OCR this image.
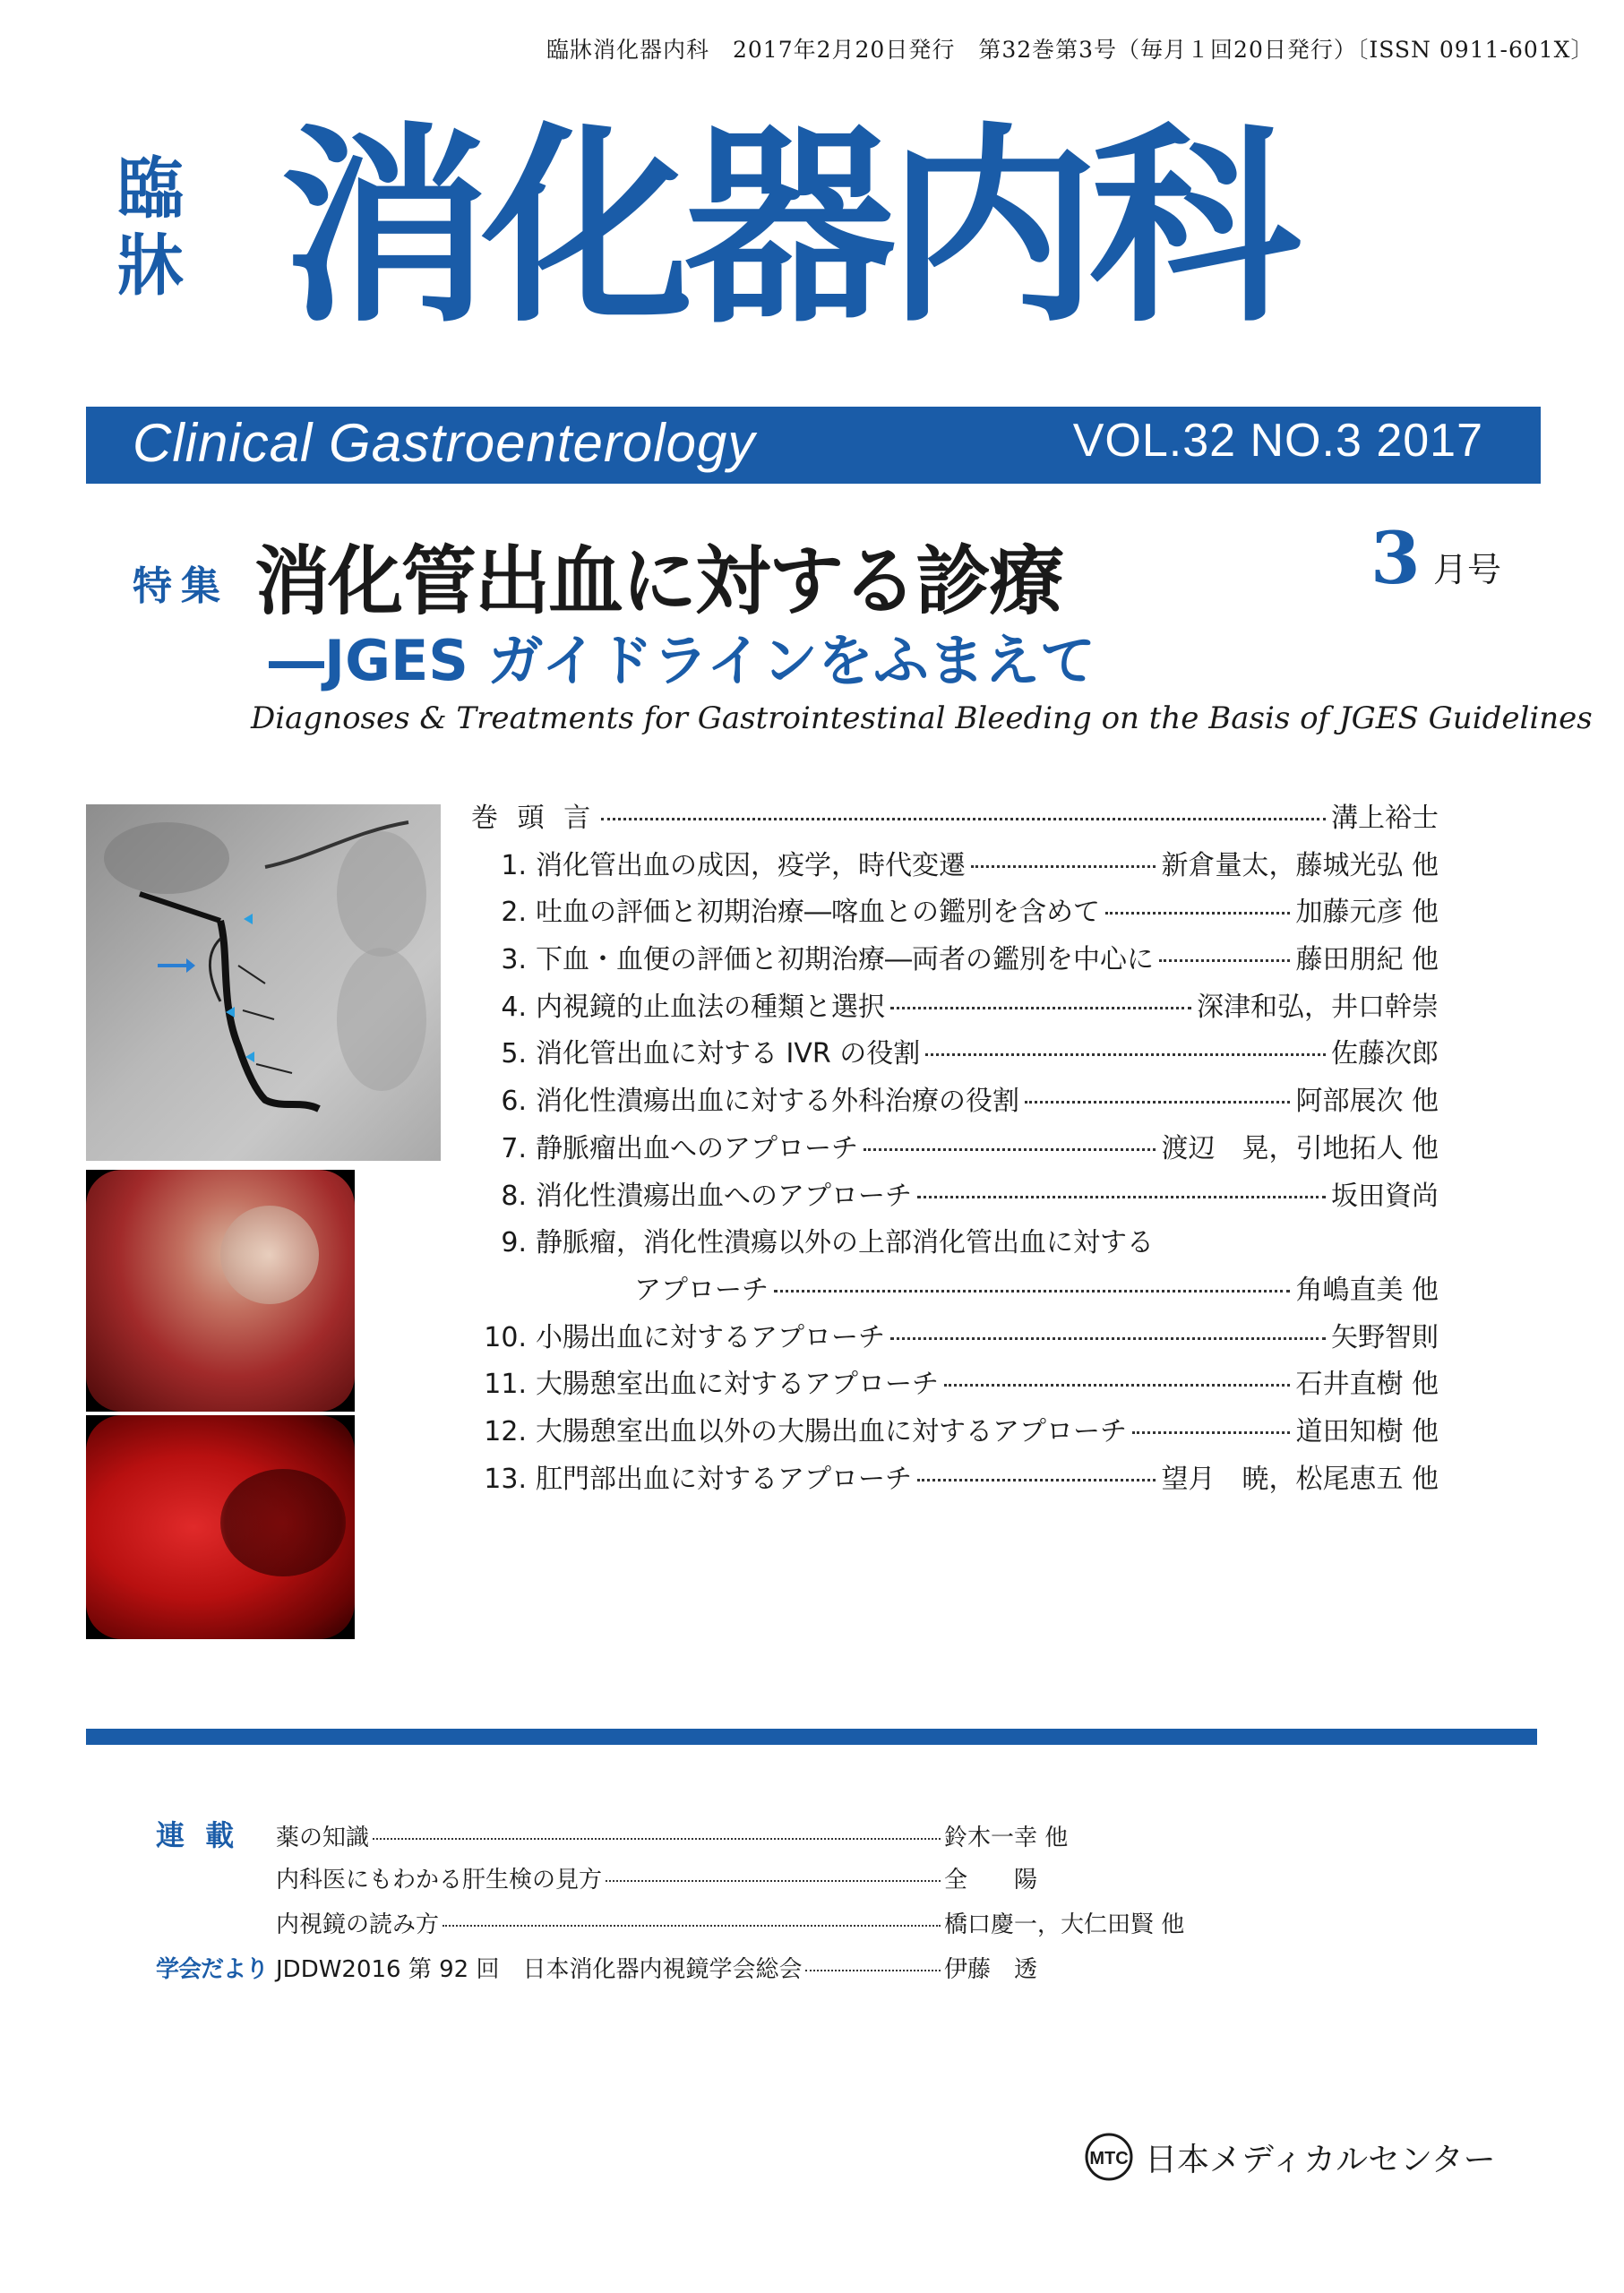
臨牀消化器内科　2017年2月20日発行　第32巻第3号（毎月１回20日発行）〔ISSN 0911-601X〕
臨牀 消化器内科
Clinical Gastroenterology	VOL.32 NO.3 2017
特集 消化管出血に対する診療	3 月号
―JGES ガイドラインをふまえて
Diagnoses & Treatments for Gastrointestinal Bleeding on the Basis of JGES Guidelines
巻 頭 言	溝上裕士
1. 消化管出血の成因，疫学，時代変遷	新倉量太，藤城光弘 他
2. 吐血の評価と初期治療―喀血との鑑別を含めて	加藤元彦 他
3. 下血・血便の評価と初期治療―両者の鑑別を中心に	藤田朋紀 他
4. 内視鏡的止血法の種類と選択	深津和弘，井口幹崇
5. 消化管出血に対する IVR の役割	佐藤次郎
6. 消化性潰瘍出血に対する外科治療の役割	阿部展次 他
7. 静脈瘤出血へのアプローチ	渡辺　晃，引地拓人 他
8. 消化性潰瘍出血へのアプローチ	坂田資尚
9. 静脈瘤，消化性潰瘍以外の上部消化管出血に対する
アプローチ	角嶋直美 他
10. 小腸出血に対するアプローチ	矢野智則
11. 大腸憩室出血に対するアプローチ	石井直樹 他
12. 大腸憩室出血以外の大腸出血に対するアプローチ	道田知樹 他
13. 肛門部出血に対するアプローチ	望月　暁，松尾恵五 他
連 載	薬の知識	鈴木一幸 他
内科医にもわかる肝生検の見方	全　　陽
内視鏡の読み方	橋口慶一，大仁田賢 他
学会だより JDDW2016 第 92 回　日本消化器内視鏡学会総会	伊藤　透
MTC 日本メディカルセンター
